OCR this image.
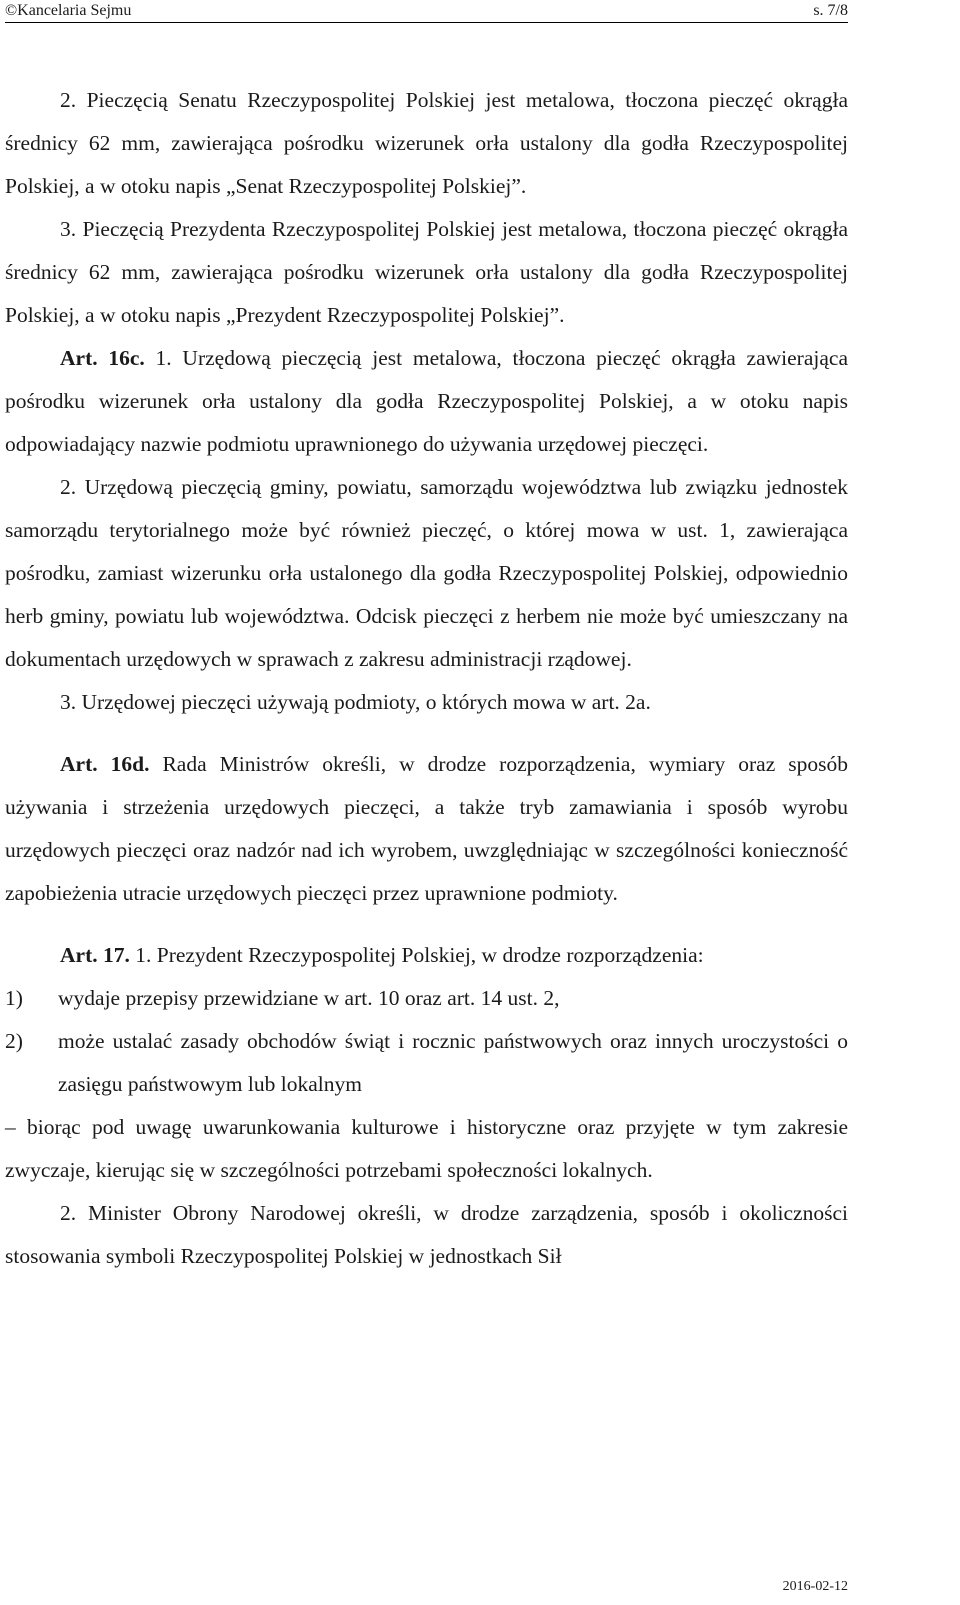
©Kancelaria Sejmu	s. 7/8

2. Pieczęcią Senatu Rzeczypospolitej Polskiej jest metalowa, tłoczona pieczęć okrągła średnicy 62 mm, zawierająca pośrodku wizerunek orła ustalony dla godła Rzeczypospolitej Polskiej, a w otoku napis „Senat Rzeczypospolitej Polskiej”.

3. Pieczęcią Prezydenta Rzeczypospolitej Polskiej jest metalowa, tłoczona pieczęć okrągła średnicy 62 mm, zawierająca pośrodku wizerunek orła ustalony dla godła Rzeczypospolitej Polskiej, a w otoku napis „Prezydent Rzeczypospolitej Polskiej”.

Art. 16c. 1. Urzędową pieczęcią jest metalowa, tłoczona pieczęć okrągła zawierająca pośrodku wizerunek orła ustalony dla godła Rzeczypospolitej Polskiej, a w otoku napis odpowiadający nazwie podmiotu uprawnionego do używania urzędowej pieczęci.

2. Urzędową pieczęcią gminy, powiatu, samorządu województwa lub związku jednostek samorządu terytorialnego może być również pieczęć, o której mowa w ust. 1, zawierająca pośrodku, zamiast wizerunku orła ustalonego dla godła Rzeczypospolitej Polskiej, odpowiednio herb gminy, powiatu lub województwa. Odcisk pieczęci z herbem nie może być umieszczany na dokumentach urzędowych w sprawach z zakresu administracji rządowej.

3. Urzędowej pieczęci używają podmioty, o których mowa w art. 2a.

Art. 16d. Rada Ministrów określi, w drodze rozporządzenia, wymiary oraz sposób używania i strzeżenia urzędowych pieczęci, a także tryb zamawiania i sposób wyrobu urzędowych pieczęci oraz nadzór nad ich wyrobem, uwzględniając w szczególności konieczność zapobieżenia utracie urzędowych pieczęci przez uprawnione podmioty.

Art. 17. 1. Prezydent Rzeczypospolitej Polskiej, w drodze rozporządzenia:

1) wydaje przepisy przewidziane w art. 10 oraz art. 14 ust. 2,
2) może ustalać zasady obchodów świąt i rocznic państwowych oraz innych uroczystości o zasięgu państwowym lub lokalnym

– biorąc pod uwagę uwarunkowania kulturowe i historyczne oraz przyjęte w tym zakresie zwyczaje, kierując się w szczególności potrzebami społeczności lokalnych.

2. Minister Obrony Narodowej określi, w drodze zarządzenia, sposób i okoliczności stosowania symboli Rzeczypospolitej Polskiej w jednostkach Sił

2016-02-12
